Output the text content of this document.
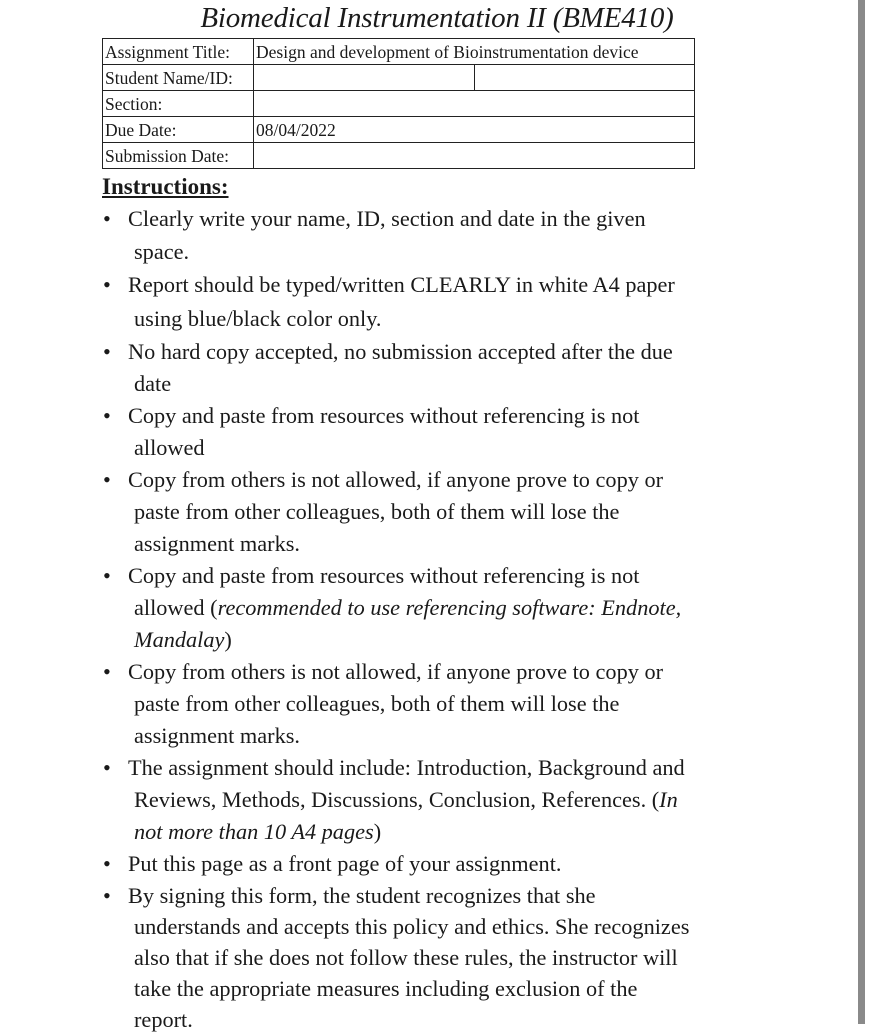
Biomedical Instrumentation II (BME410)
Assignment Title:	Design and development of Bioinstrumentation device	
Student Name/ID:		
Section:		
Due Date:	08/04/2022	
Submission Date:		
Instructions:
• Clearly write your name, ID, section and date in the given
space.
• Report should be typed/written CLEARLY in white A4 paper
using blue/black color only.
• No hard copy accepted, no submission accepted after the due
date
• Copy and paste from resources without referencing is not
allowed
• Copy from others is not allowed, if anyone prove to copy or
paste from other colleagues, both of them will lose the
assignment marks.
• Copy and paste from resources without referencing is not
allowed (recommended to use referencing software: Endnote,
Mandalay)
• Copy from others is not allowed, if anyone prove to copy or
paste from other colleagues, both of them will lose the
assignment marks.
• The assignment should include: Introduction, Background and
Reviews, Methods, Discussions, Conclusion, References. (In
not more than 10 A4 pages)
• Put this page as a front page of your assignment.
• By signing this form, the student recognizes that she
understands and accepts this policy and ethics. She recognizes
also that if she does not follow these rules, the instructor will
take the appropriate measures including exclusion of the
report.
